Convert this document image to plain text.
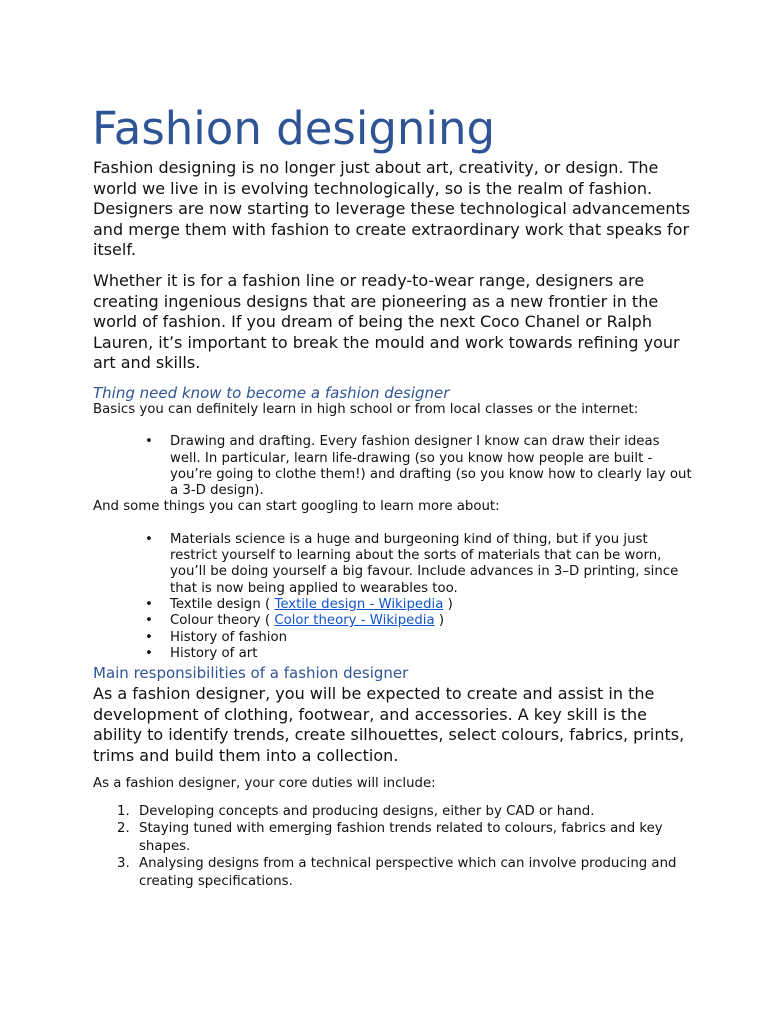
Fashion designing

Fashion designing is no longer just about art, creativity, or design. The world we live in is evolving technologically, so is the realm of fashion. Designers are now starting to leverage these technological advancements and merge them with fashion to create extraordinary work that speaks for itself.

Whether it is for a fashion line or ready-to-wear range, designers are creating ingenious designs that are pioneering as a new frontier in the world of fashion. If you dream of being the next Coco Chanel or Ralph Lauren, it’s important to break the mould and work towards refining your art and skills.

Thing need know to become a fashion designer

Basics you can definitely learn in high school or from local classes or the internet:

• Drawing and drafting. Every fashion designer I know can draw their ideas well. In particular, learn life-drawing (so you know how people are built - you’re going to clothe them!) and drafting (so you know how to clearly lay out a 3-D design).

And some things you can start googling to learn more about:

• Materials science is a huge and burgeoning kind of thing, but if you just restrict yourself to learning about the sorts of materials that can be worn, you’ll be doing yourself a big favour. Include advances in 3–D printing, since that is now being applied to wearables too.
• Textile design ( Textile design - Wikipedia )
• Colour theory ( Color theory - Wikipedia )
• History of fashion
• History of art
Main responsibilities of a fashion designer

As a fashion designer, you will be expected to create and assist in the development of clothing, footwear, and accessories. A key skill is the ability to identify trends, create silhouettes, select colours, fabrics, prints, trims and build them into a collection.

As a fashion designer, your core duties will include:

1. Developing concepts and producing designs, either by CAD or hand.
2. Staying tuned with emerging fashion trends related to colours, fabrics and key shapes.
3. Analysing designs from a technical perspective which can involve producing and creating specifications.
